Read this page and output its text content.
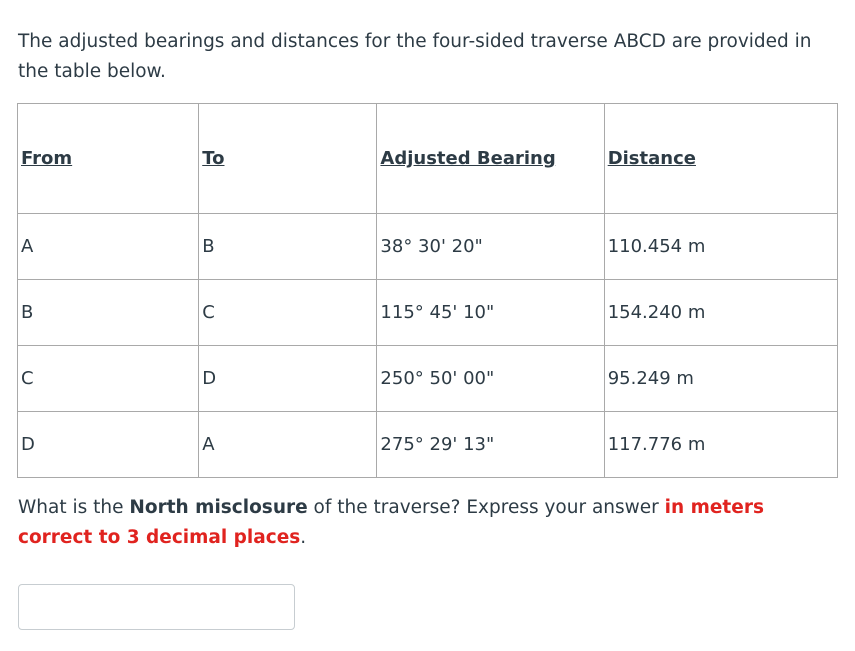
The adjusted bearings and distances for the four-sided traverse ABCD are provided in the table below.

From	To	Adjusted Bearing	Distance
A	B	38° 30' 20"	110.454 m
B	C	115° 45' 10"	154.240 m
C	D	250° 50' 00"	95.249 m
D	A	275° 29' 13"	117.776 m

What is the North misclosure of the traverse? Express your answer in meters correct to 3 decimal places.
